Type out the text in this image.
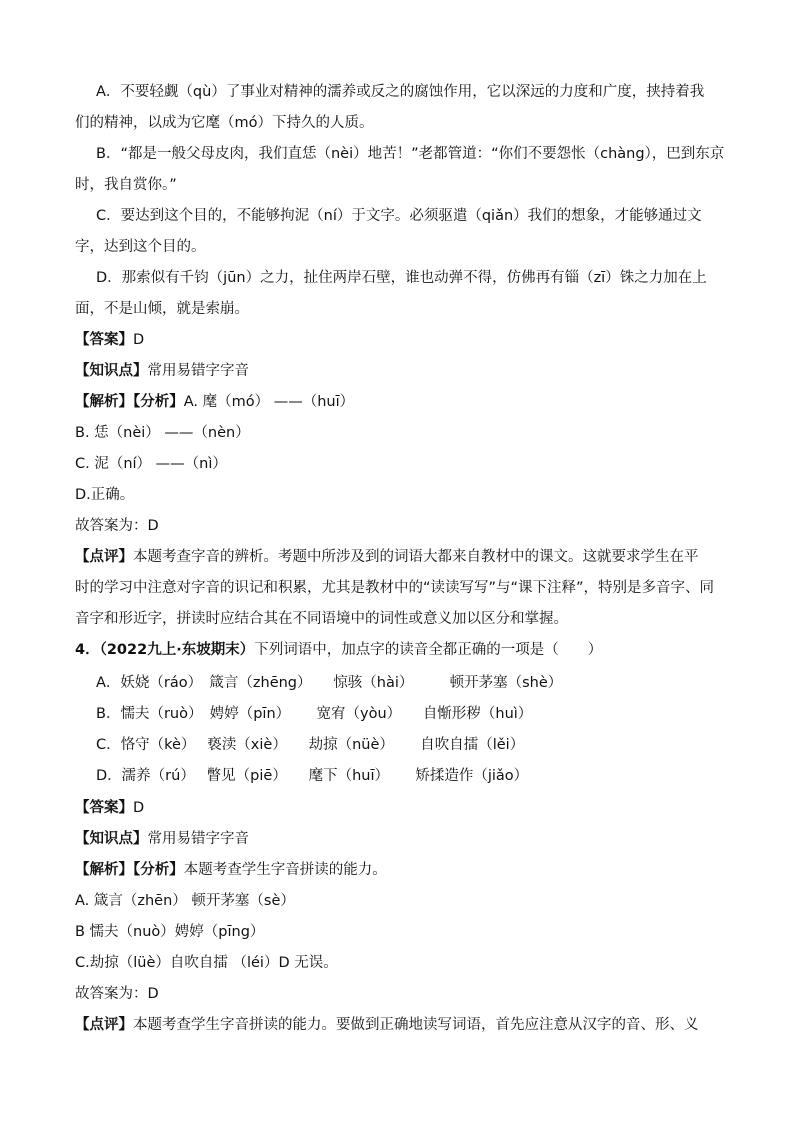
A．不要轻觑（qù）了事业对精神的濡养或反之的腐蚀作用，它以深远的力度和广度，挟持着我
们的精神，以成为它麾（mó）下持久的人质。
B．“都是一般父母皮肉，我们直恁（nèi）地苦！”老都管道：“你们不要怨怅（chàng），巴到东京
时，我自赏你。”
C．要达到这个目的，不能够拘泥（ní）于文字。必须驱遣（qiǎn）我们的想象，才能够通过文
字，达到这个目的。
D．那索似有千钧（jūn）之力，扯住两岸石壁，谁也动弹不得，仿佛再有锱（zī）铢之力加在上
面，不是山倾，就是索崩。
【答案】D
【知识点】常用易错字字音
【解析】【分析】A. 麾（mó） ——（huī）
B. 恁（nèi） ——（nèn）
C. 泥（ní） ——（nì）
D.正确。
故答案为：D
【点评】本题考查字音的辨析。考题中所涉及到的词语大都来自教材中的课文。这就要求学生在平
时的学习中注意对字音的识记和积累，尤其是教材中的“读读写写”与“课下注释”，特别是多音字、同
音字和形近字，拼读时应结合其在不同语境中的词性或意义加以区分和掌握。
4．（2022九上·东坡期末）下列词语中，加点字的读音全都正确的一项是（　　）
A．妖娆（ráo）　箴言（zhēng）　　惊骇（hài）　　　顿开茅塞（shè）
B．懦夫（ruò）　娉婷（pīn）　　 宽宥（yòu）　　自惭形秽（huì）
C．恪守（kè）　 亵渎（xiè）　　劫掠（nüè）　　 自吹自擂（lěi）
D．濡养（rú）　 瞥见（piē）　　麾下（huī）　　 矫揉造作（jiǎo）
【答案】D
【知识点】常用易错字字音
【解析】【分析】本题考查学生字音拼读的能力。
A. 箴言（zhēn） 顿开茅塞（sè）
B 懦夫（nuò）娉婷（pīng）
C.劫掠（lüè）自吹自擂 （léi）D 无误。
故答案为：D
【点评】本题考查学生字音拼读的能力。要做到正确地读写词语，首先应注意从汉字的音、形、义
